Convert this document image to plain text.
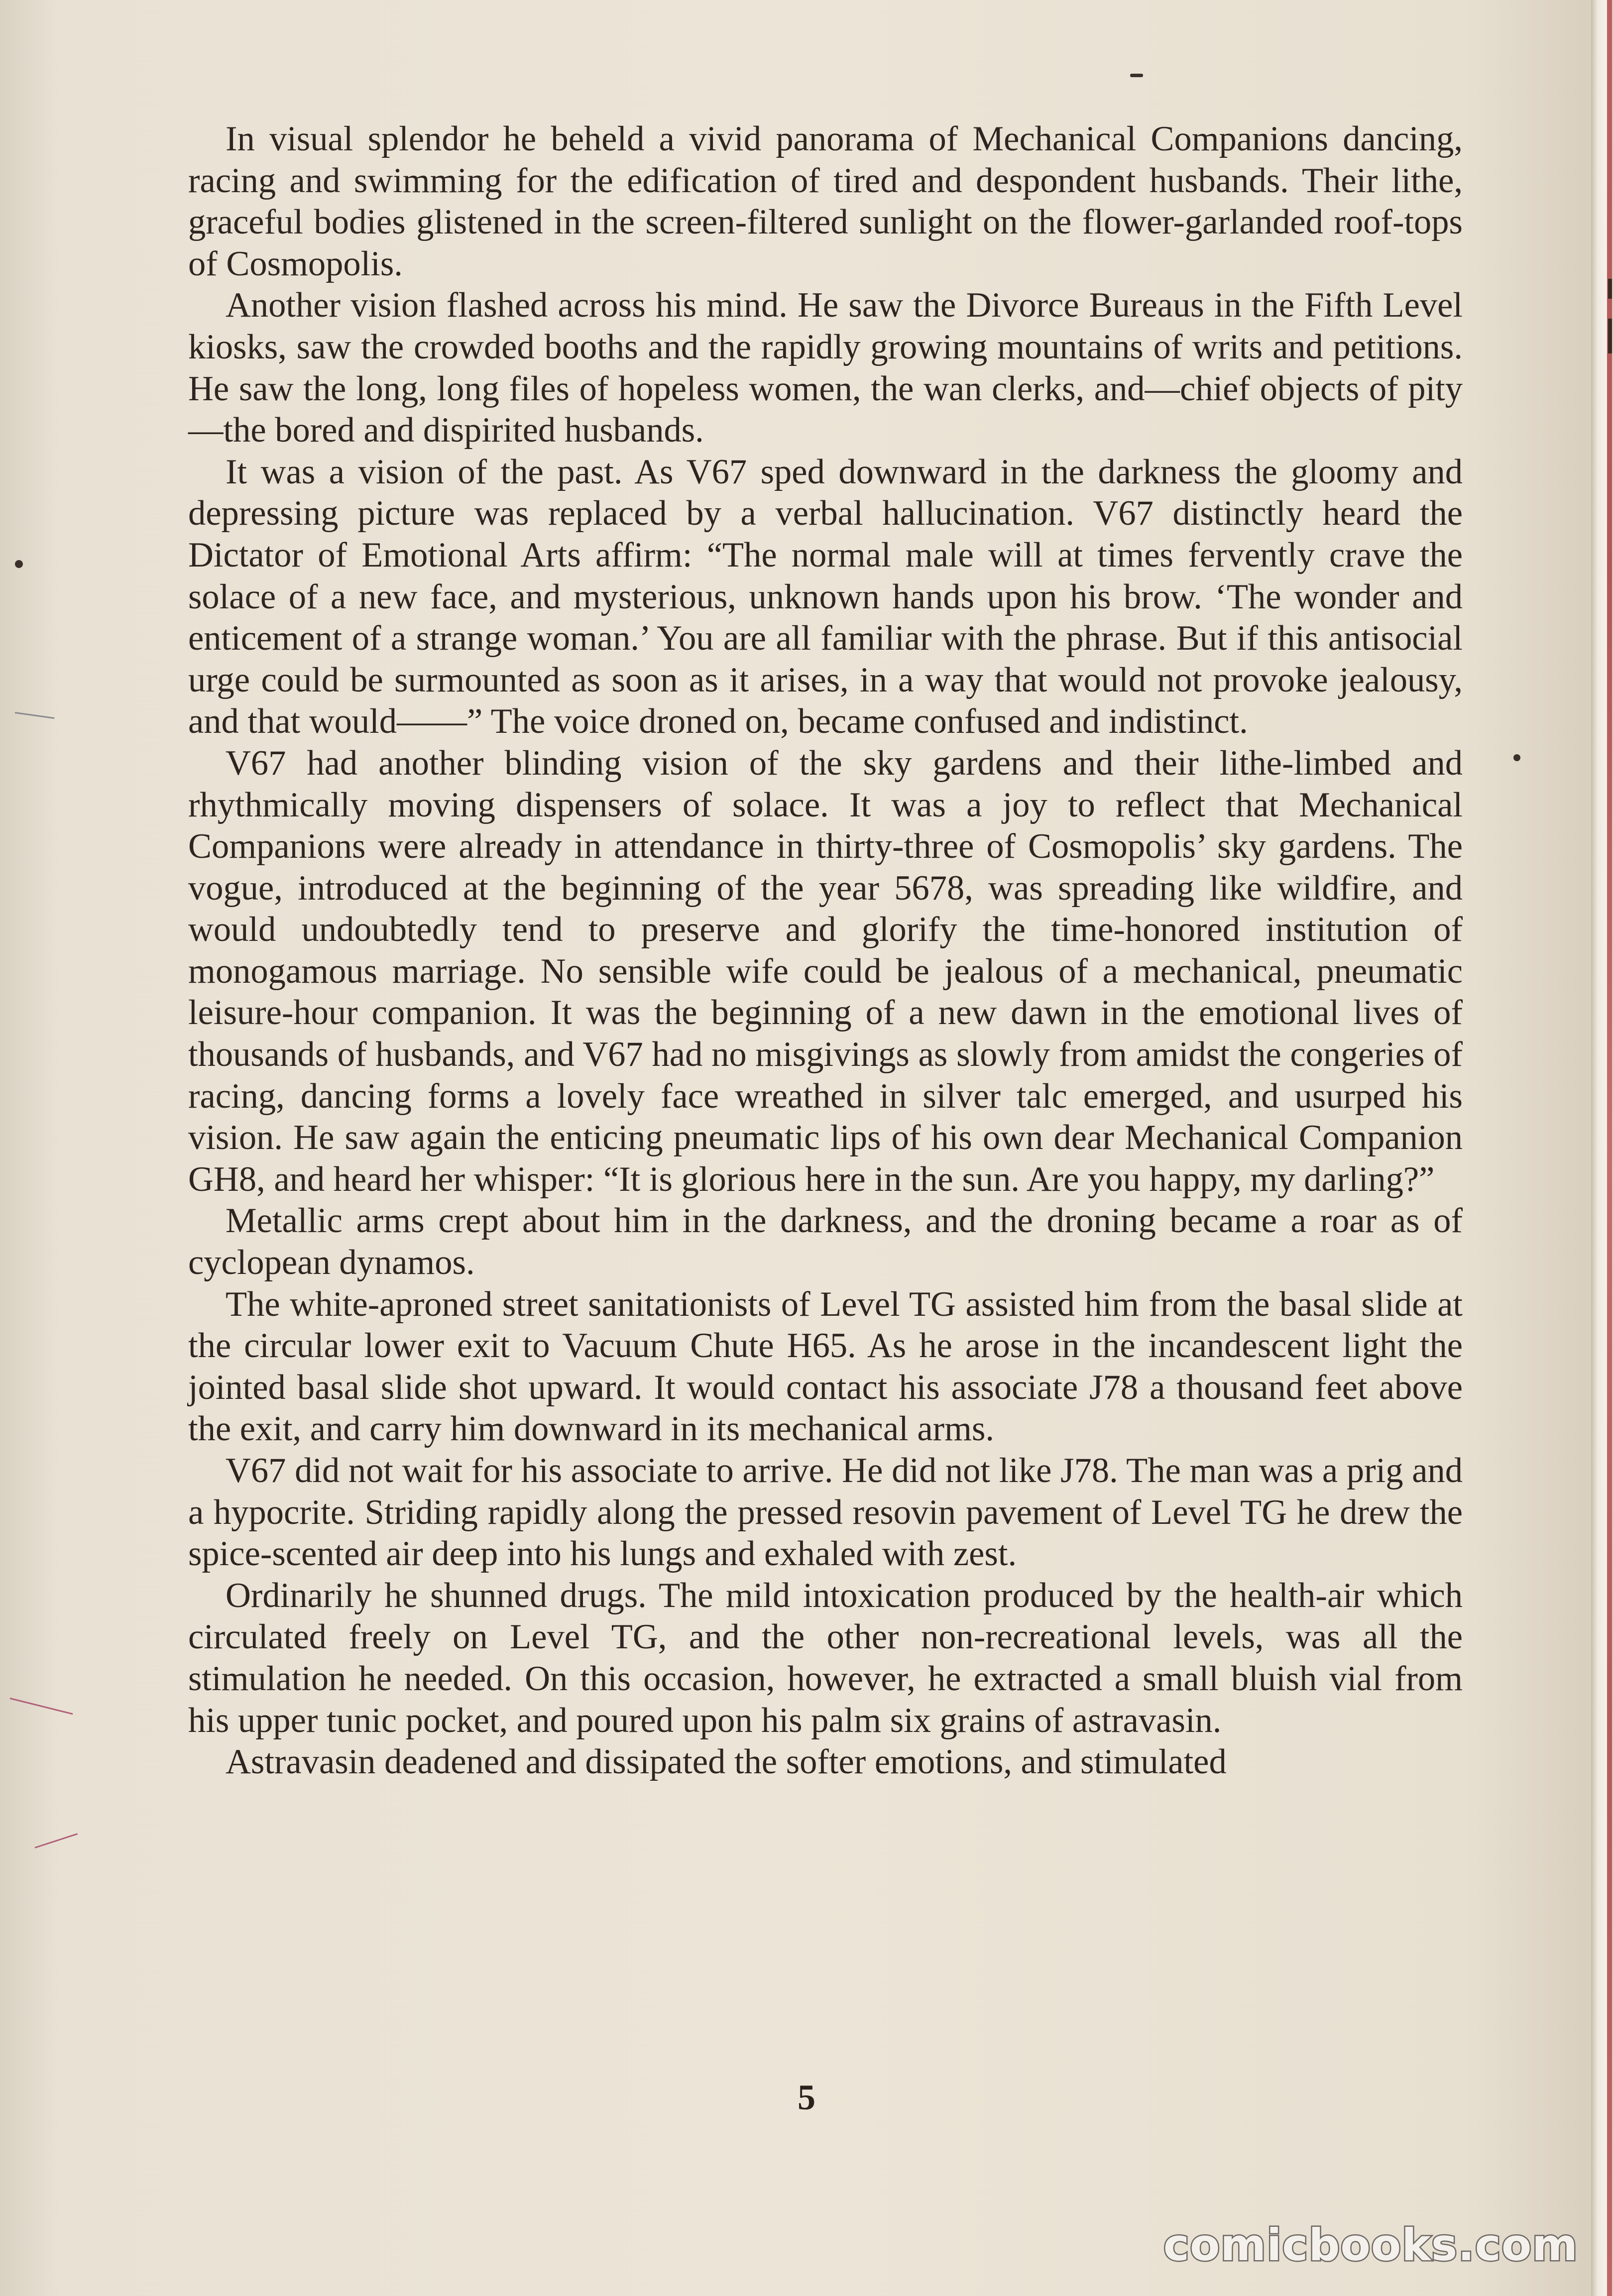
In visual splendor he beheld a vivid panorama of Mechanical Companions dancing, racing and swimming for the edification of tired and despondent husbands. Their lithe, graceful bodies glistened in the screen-filtered sunlight on the flower-garlanded roof-tops of Cosmopolis.

Another vision flashed across his mind. He saw the Divorce Bureaus in the Fifth Level kiosks, saw the crowded booths and the rapidly growing mountains of writs and petitions. He saw the long, long files of hopeless women, the wan clerks, and—chief objects of pity—the bored and dispirited husbands.

It was a vision of the past. As V67 sped downward in the darkness the gloomy and depressing picture was replaced by a verbal hallucination. V67 distinctly heard the Dictator of Emotional Arts affirm: “The normal male will at times fervently crave the solace of a new face, and mysterious, unknown hands upon his brow. ‘The wonder and enticement of a strange woman.’ You are all familiar with the phrase. But if this antisocial urge could be surmounted as soon as it arises, in a way that would not provoke jealousy, and that would——” The voice droned on, became confused and indistinct.

V67 had another blinding vision of the sky gardens and their lithe-limbed and rhythmically moving dispensers of solace. It was a joy to reflect that Mechanical Companions were already in attendance in thirty-three of Cosmopolis’ sky gardens. The vogue, introduced at the beginning of the year 5678, was spreading like wildfire, and would undoubtedly tend to preserve and glorify the time-honored institution of monogamous marriage. No sensible wife could be jealous of a mechanical, pneumatic leisure-hour companion. It was the beginning of a new dawn in the emotional lives of thousands of husbands, and V67 had no misgivings as slowly from amidst the congeries of racing, dancing forms a lovely face wreathed in silver talc emerged, and usurped his vision. He saw again the enticing pneumatic lips of his own dear Mechanical Companion GH8, and heard her whisper: “It is glorious here in the sun. Are you happy, my darling?”

Metallic arms crept about him in the darkness, and the droning became a roar as of cyclopean dynamos.

The white-aproned street sanitationists of Level TG assisted him from the basal slide at the circular lower exit to Vacuum Chute H65. As he arose in the incandescent light the jointed basal slide shot upward. It would contact his associate J78 a thousand feet above the exit, and carry him downward in its mechanical arms.

V67 did not wait for his associate to arrive. He did not like J78. The man was a prig and a hypocrite. Striding rapidly along the pressed resovin pavement of Level TG he drew the spice-scented air deep into his lungs and exhaled with zest.

Ordinarily he shunned drugs. The mild intoxication produced by the health-air which circulated freely on Level TG, and the other non-recreational levels, was all the stimulation he needed. On this occasion, however, he extracted a small bluish vial from his upper tunic pocket, and poured upon his palm six grains of astravasin.

Astravasin deadened and dissipated the softer emotions, and stimulated

5
comicbooks.com
